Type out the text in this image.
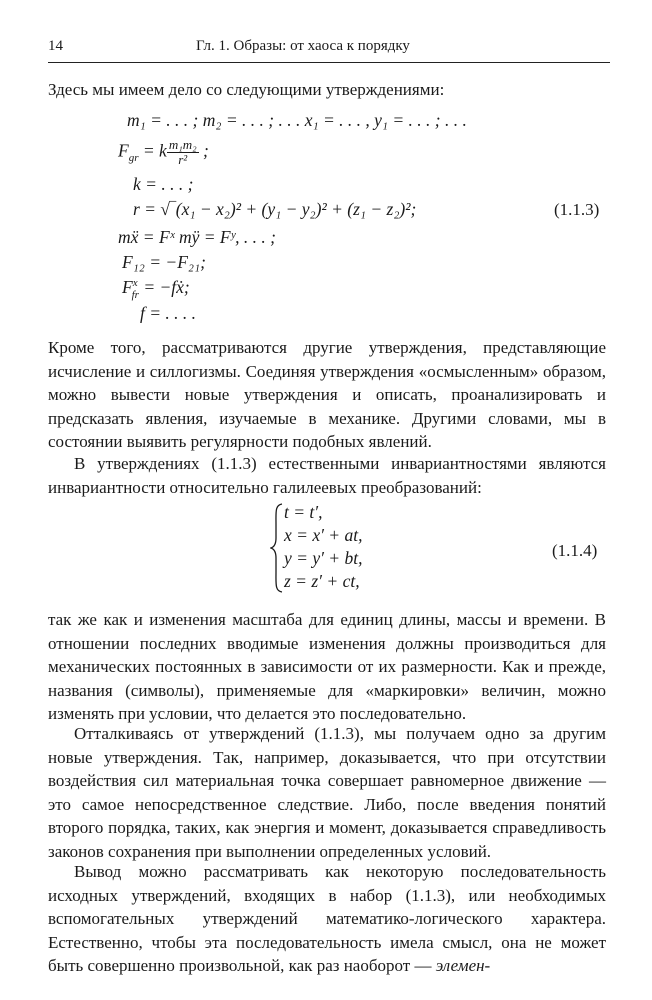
14	Гл. 1. Образы: от хаоса к порядку
Здесь мы имеем дело со следующими утверждениями:
m₁ = . . . ; m₂ = . . . ; . . . x₁ = . . . , y₁ = . . . ; . . .
$F_{gr} = k \frac{\text{m₁m₂}}{\text{r²}}$ ;
k = . . . ;
r = √‾(x₁ − x₂)² + (y₁ − y₂)² + (z₁ − z₂)²;	(1.1.3)
mẍ = Fˣ mÿ = Fʸ, . . . ;
F₁₂ = −F₂₁;
$F^x_{fr}$ = −fẋ;
f = . . . .
Кроме того, рассматриваются другие утверждения, представляющие исчисление и силлогизмы. Соединяя утверждения «осмысленным» образом, можно вывести новые утверждения и описать, проанализировать и предсказать явления, изучаемые в механике. Другими словами, мы в состоянии выявить регулярности подобных явлений.
В утверждениях (1.1.3) естественными инвариантностями являются инвариантности относительно галилеевых преобразований:
t = t′,
x = x′ + at,
y = y′ + bt,
z = z′ + ct,
(1.1.4)
так же как и изменения масштаба для единиц длины, массы и времени. В отношении последних вводимые изменения должны производиться для механических постоянных в зависимости от их размерности. Как и прежде, названия (символы), применяемые для «маркировки» величин, можно изменять при условии, что делается это последовательно.
Отталкиваясь от утверждений (1.1.3), мы получаем одно за другим новые утверждения. Так, например, доказывается, что при отсутствии воздействия сил материальная точка совершает равномерное движение — это самое непосредственное следствие. Либо, после введения понятий второго порядка, таких, как энергия и момент, доказывается справедливость законов сохранения при выполнении определенных условий.
Вывод можно рассматривать как некоторую последовательность исходных утверждений, входящих в набор (1.1.3), или необходимых вспомогательных утверждений математико-логического характера. Естественно, чтобы эта последовательность имела смысл, она не может быть совершенно произвольной, как раз наоборот — элемен-
